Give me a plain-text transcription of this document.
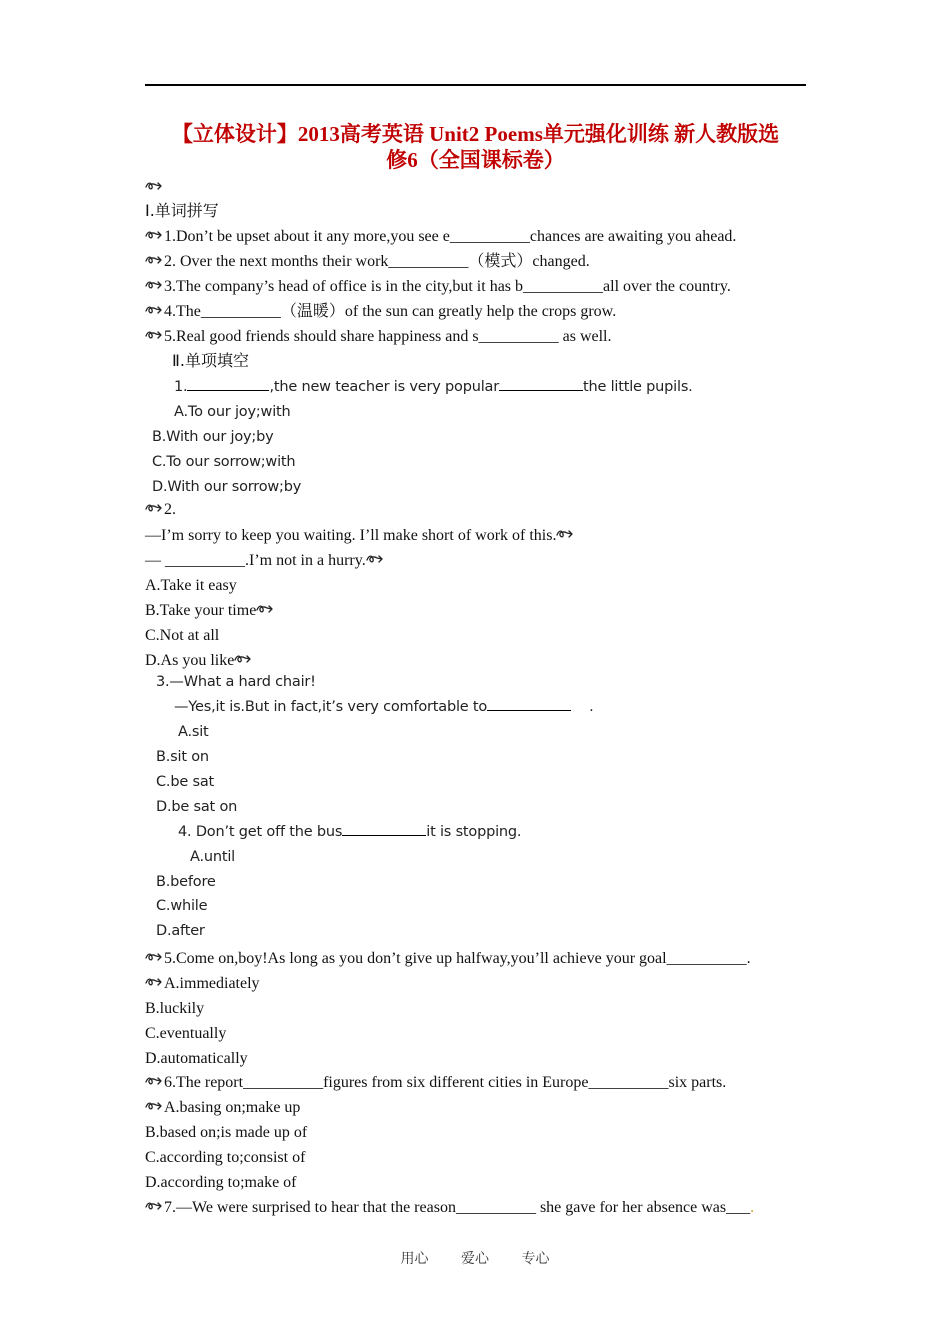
【立体设计】2013高考英语 Unit2 Poems单元强化训练 新人教版选
修6（全国课标卷）
Ⅰ.单词拼写
1.Don’t be upset about it any more,you see e__________chances are awaiting you ahead.
2. Over the next months their work__________（模式）changed.
3.The company’s head of office is in the city,but it has b__________all over the country.
4.The__________（温暖）of the sun can greatly help the crops grow.
5.Real good friends should share happiness and s__________ as well.
Ⅱ.单项填空
1.	,the new teacher is very popular	the little pupils.
A.To our joy;with
B.With our joy;by
C.To our sorrow;with
D.With our sorrow;by
2.
—I’m sorry to keep you waiting. I’ll make short of work of this.
— __________.I’m not in a hurry.
A.Take it easy
B.Take your time
C.Not at all
D.As you like
3.—What a hard chair!
—Yes,it is.But in fact,it’s very comfortable to	.
A.sit
B.sit on
C.be sat
D.be sat on
4. Don’t get off the bus	it is stopping.
A.until
B.before
C.while
D.after
5.Come on,boy!As long as you don’t give up halfway,you’ll achieve your goal__________.
A.immediately
B.luckily
C.eventually
D.automatically
6.The report__________figures from six different cities in Europe__________six parts.
A.basing on;make up
B.based on;is made up of
C.according to;consist of
D.according to;make of
7.—We were surprised to hear that the reason__________ she gave for her absence was___.
用心 爱心 专心
